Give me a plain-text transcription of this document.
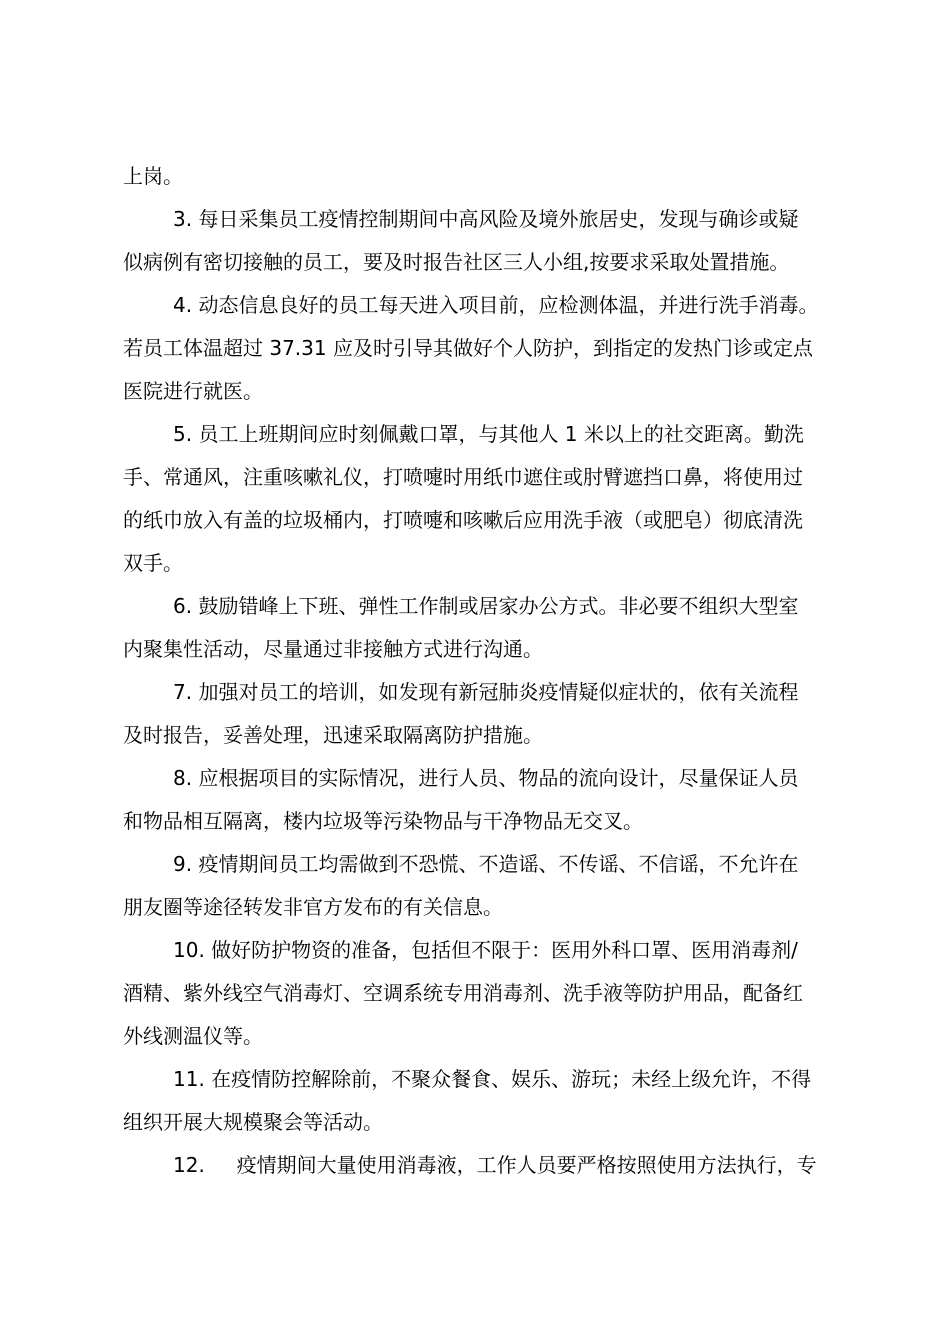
上岗。
3. 每日采集员工疫情控制期间中高风险及境外旅居史，发现与确诊或疑
似病例有密切接触的员工，要及时报告社区三人小组,按要求采取处置措施。
4. 动态信息良好的员工每天进入项目前，应检测体温，并进行洗手消毒。
若员工体温超过 37.31 应及时引导其做好个人防护，到指定的发热门诊或定点
医院进行就医。
5. 员工上班期间应时刻佩戴口罩，与其他人 1 米以上的社交距离。勤洗
手、常通风，注重咳嗽礼仪，打喷嚏时用纸巾遮住或肘臂遮挡口鼻，将使用过
的纸巾放入有盖的垃圾桶内，打喷嚏和咳嗽后应用洗手液（或肥皂）彻底清洗
双手。
6. 鼓励错峰上下班、弹性工作制或居家办公方式。非必要不组织大型室
内聚集性活动，尽量通过非接触方式进行沟通。
7. 加强对员工的培训，如发现有新冠肺炎疫情疑似症状的，依有关流程
及时报告，妥善处理，迅速采取隔离防护措施。
8. 应根据项目的实际情况，进行人员、物品的流向设计，尽量保证人员
和物品相互隔离，楼内垃圾等污染物品与干净物品无交叉。
9. 疫情期间员工均需做到不恐慌、不造谣、不传谣、不信谣，不允许在
朋友圈等途径转发非官方发布的有关信息。
10. 做好防护物资的准备，包括但不限于：医用外科口罩、医用消毒剂/
酒精、紫外线空气消毒灯、空调系统专用消毒剂、洗手液等防护用品，配备红
外线测温仪等。
11. 在疫情防控解除前，不聚众餐食、娱乐、游玩；未经上级允许，不得
组织开展大规模聚会等活动。
12.     疫情期间大量使用消毒液，工作人员要严格按照使用方法执行，专
